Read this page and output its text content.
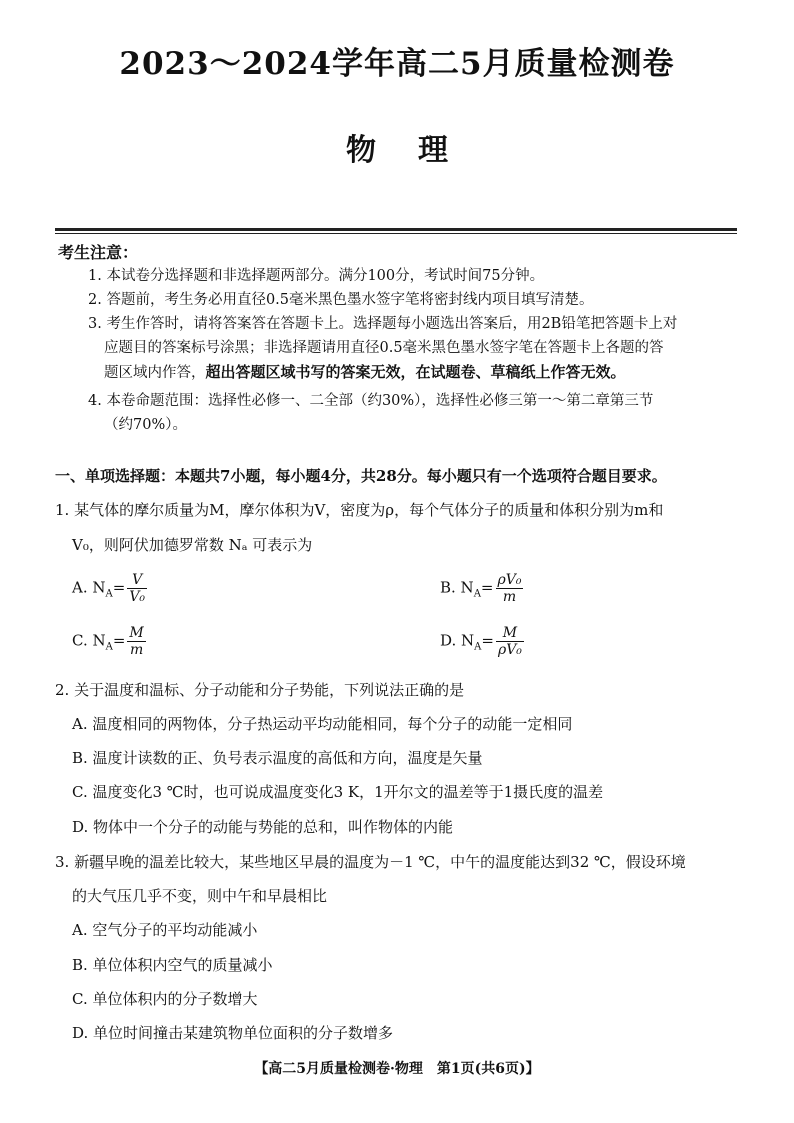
2023～2024学年高二5月质量检测卷
物理
考生注意：
1. 本试卷分选择题和非选择题两部分。满分100分，考试时间75分钟。
2. 答题前，考生务必用直径0.5毫米黑色墨水签字笔将密封线内项目填写清楚。
3. 考生作答时，请将答案答在答题卡上。选择题每小题选出答案后，用2B铅笔把答题卡上对
应题目的答案标号涂黑；非选择题请用直径0.5毫米黑色墨水签字笔在答题卡上各题的答
题区域内作答，超出答题区域书写的答案无效，在试题卷、草稿纸上作答无效。
4. 本卷命题范围：选择性必修一、二全部（约30%），选择性必修三第一～第二章第三节
（约70%）。
一、单项选择题：本题共7小题，每小题4分，共28分。每小题只有一个选项符合题目要求。
1. 某气体的摩尔质量为M，摩尔体积为V，密度为ρ，每个气体分子的质量和体积分别为m和
V₀，则阿伏加德罗常数 Nₐ 可表示为
A. $N_A= \frac{V}{\text{V₀}}$	B. $N_A= \frac{\text{ρV₀}}{m}$
C. $N_A= \frac{M}{m}$	D. $N_A= \frac{M}{\text{ρV₀}}$
2. 关于温度和温标、分子动能和分子势能，下列说法正确的是
A. 温度相同的两物体，分子热运动平均动能相同，每个分子的动能一定相同
B. 温度计读数的正、负号表示温度的高低和方向，温度是矢量
C. 温度变化3 ℃时，也可说成温度变化3 K，1开尔文的温差等于1摄氏度的温差
D. 物体中一个分子的动能与势能的总和，叫作物体的内能
3. 新疆早晚的温差比较大，某些地区早晨的温度为－1 ℃，中午的温度能达到32 ℃，假设环境
的大气压几乎不变，则中午和早晨相比
A. 空气分子的平均动能减小
B. 单位体积内空气的质量减小
C. 单位体积内的分子数增大
D. 单位时间撞击某建筑物单位面积的分子数增多
【高二5月质量检测卷·物理　第1页(共6页)】
